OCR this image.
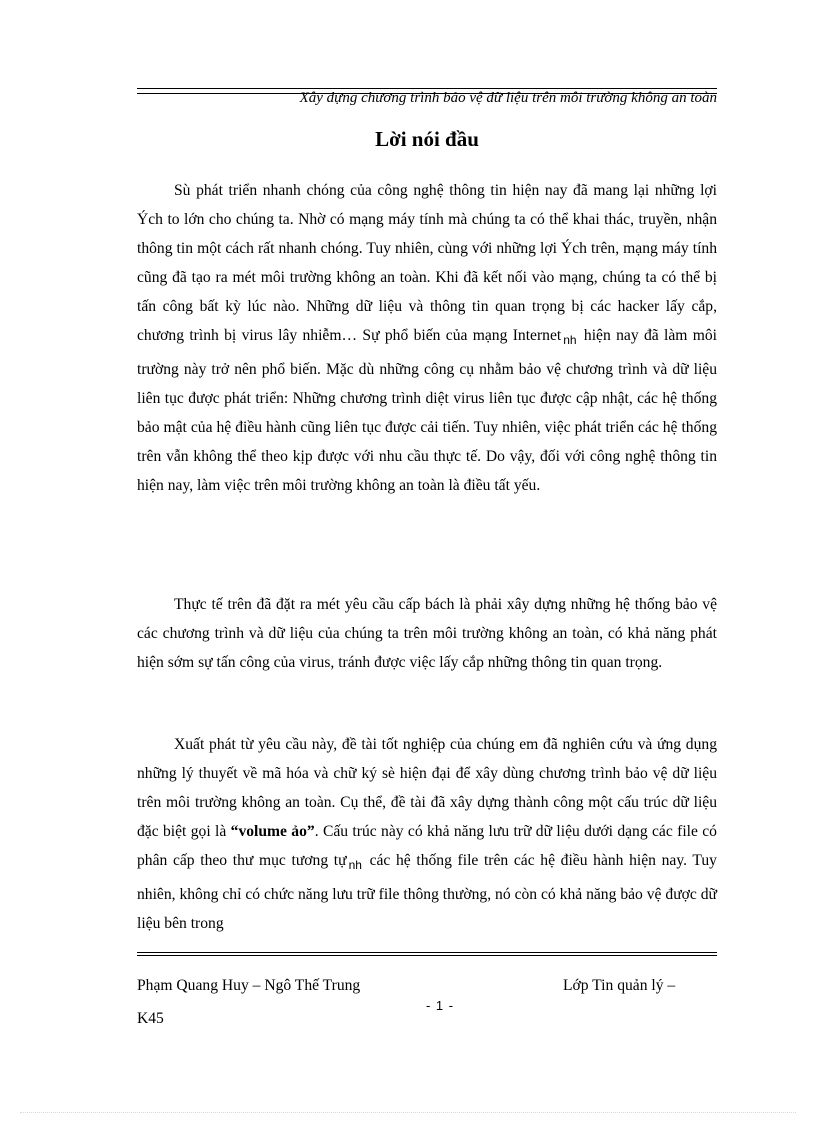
Xây dựng chương trình bảo vệ dữ liệu trên môi trường không an toàn
Lời nói đầu

Sù phát triển nhanh chóng của công nghệ thông tin hiện nay đã mang lại những lợi Ých to lớn cho chúng ta. Nhờ có mạng máy tính mà chúng ta có thể khai thác, truyền, nhận thông tin một cách rất nhanh chóng. Tuy nhiên, cùng với những lợi Ých trên, mạng máy tính cũng đã tạo ra mét môi trường không an toàn. Khi đã kết nối vào mạng, chúng ta có thể bị tấn công bất kỳ lúc nào. Những dữ liệu và thông tin quan trọng bị các hacker lấy cắp, chương trình bị virus lây nhiễm… Sự phổ biến của mạng Internet $_{nh}$ hiện nay đã làm môi trường này trở nên phổ biến. Mặc dù những công cụ nhằm bảo vệ chương trình và dữ liệu liên tục được phát triển: Những chương trình diệt virus liên tục được cập nhật, các hệ thống bảo mật của hệ điều hành cũng liên tục được cải tiến. Tuy nhiên, việc phát triển các hệ thống trên vẫn không thể theo kịp được với nhu cầu thực tế. Do vậy, đối với công nghệ thông tin hiện nay, làm việc trên môi trường không an toàn là điều tất yếu.

Thực tế trên đã đặt ra mét yêu cầu cấp bách là phải xây dựng những hệ thống bảo vệ các chương trình và dữ liệu của chúng ta trên môi trường không an toàn, có khả năng phát hiện sớm sự tấn công của virus, tránh được việc lấy cắp những thông tin quan trọng.

Xuất phát từ yêu cầu này, đề tài tốt nghiệp của chúng em đã nghiên cứu và ứng dụng những lý thuyết về mã hóa và chữ ký sè hiện đại để xây dùng chương trình bảo vệ dữ liệu trên môi trường không an toàn. Cụ thể, đề tài đã xây dựng thành công một cấu trúc dữ liệu đặc biệt gọi là “volume ảo”. Cấu trúc này có khả năng lưu trữ dữ liệu dưới dạng các file có phân cấp theo thư mục tương tự $_{nh}$ các hệ thống file trên các hệ điều hành hiện nay. Tuy nhiên, không chỉ có chức năng lưu trữ file thông thường, nó còn có khả năng bảo vệ được dữ liệu bên trong

Phạm Quang Huy – Ngô Thế Trung	Lớp Tin quản lý –
- 1 -
K45
